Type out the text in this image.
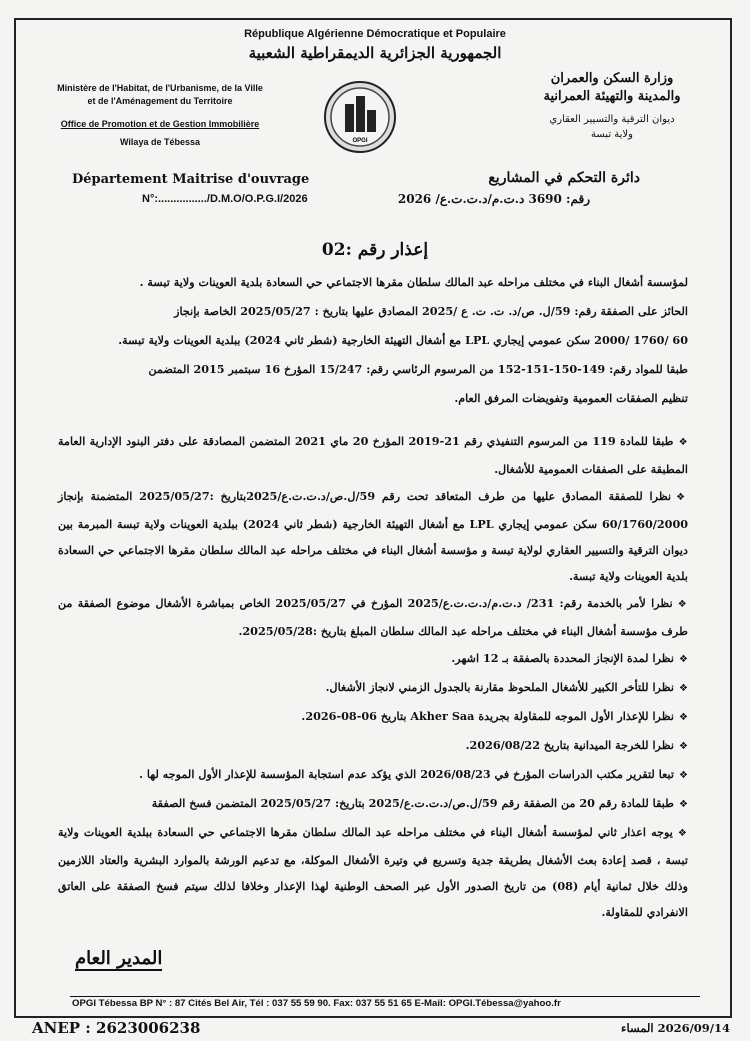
République Algérienne Démocratique et Populaire
الجمهورية الجزائرية الديمقراطية الشعبية
Ministère de l'Habitat, de l'Urbanisme, de la Ville
et de l'Aménagement du Territoire
Office de Promotion et de Gestion Immobilière
Wilaya de Tébessa	OPGI
وزارة السكن والعمران
والمدينة والتهيئة العمرانية
ديوان الترقية والتسيير العقاري
ولاية تبسة
Département Maitrise d'ouvrage	دائرة التحكم في المشاريع
N°:................/D.M.O/O.P.G.I/2026	رقم: 3690 د.ت.م/د.ت.ت.ع/ 2026
إعذار رقم :02

لمؤسسة أشغال البناء في مختلف مراحله عبد المالك سلطان مقرها الاجتماعي حي السعادة بلدية العوينات ولاية تبسة .

الحائز على الصفقة رقم: 59/ل. ص/د. ت. ت. ع /2025 المصادق عليها بتاريخ : 2025/05/27 الخاصة بإنجاز

60 /1760 /2000 سكن عمومي إيجاري LPL مع أشغال التهيئة الخارجية (شطر ثاني 2024) ببلدية العوينات ولاية تبسة.

طبقا للمواد رقم: 149-150-151-152 من المرسوم الرئاسي رقم: 15/247 المؤرخ 16 سبتمبر 2015 المتضمن

تنظيم الصفقات العمومية وتفويضات المرفق العام.

❖طبقا للمادة 119 من المرسوم التنفيذي رقم 21-2019 المؤرخ 20 ماي 2021 المتضمن المصادقة على دفتر البنود الإدارية العامة المطبقة على الصفقات العمومية للأشغال.

❖نظرا للصفقة المصادق عليها من طرف المتعاقد تحت رقم 59/ل.ص/د.ت.ت.ع/2025بتاريخ :2025/05/27 المتضمنة بإنجاز 60/1760/2000 سكن عمومي إيجاري LPL مع أشغال التهيئة الخارجية (شطر ثاني 2024) ببلدية العوينات ولاية تبسة المبرمة بين ديوان الترقية والتسيير العقاري لولاية تبسة و مؤسسة أشغال البناء في مختلف مراحله عبد المالك سلطان مقرها الاجتماعي حي السعادة بلدية العوينات ولاية تبسة.

❖نظرا لأمر بالخدمة رقم: 231/ د.ت.م/د.ت.ت.ع/2025 المؤرخ في 2025/05/27 الخاص بمباشرة الأشغال موضوع الصفقة من طرف مؤسسة أشغال البناء في مختلف مراحله عبد المالك سلطان المبلغ بتاريخ :2025/05/28.

❖نظرا لمدة الإنجاز المحددة بالصفقة بـ 12 اشهر.

❖نظرا للتأخر الكبير للأشغال الملحوظ مقارنة بالجدول الزمني لانجاز الأشغال.

❖نظرا للإعذار الأول الموجه للمقاولة بجريدة Akher Saa بتاريخ 06-08-2026.

❖نظرا للخرجة الميدانية بتاريخ 2026/08/22.

❖تبعا لتقرير مكتب الدراسات المؤرخ في 2026/08/23 الذي يؤكد عدم استجابة المؤسسة للإعذار الأول الموجه لها .

❖طبقا للمادة رقم 20 من الصفقة رقم 59/ل.ص/د.ت.ت.ع/2025 بتاريخ: 2025/05/27 المتضمن فسخ الصفقة

❖يوجه اعذار ثاني لمؤسسة أشغال البناء في مختلف مراحله عبد المالك سلطان مقرها الاجتماعي حي السعادة ببلدية العوينات ولاية تبسة ، قصد إعادة بعث الأشغال بطريقة جدية وتسريع في وتيرة الأشغال الموكلة، مع تدعيم الورشة بالموارد البشرية والعتاد اللازمين وذلك خلال ثمانية أيام (08) من تاريخ الصدور الأول عبر الصحف الوطنية لهذا الإعذار وخلافا لذلك سيتم فسخ الصفقة على العاتق الانفرادي للمقاولة.

المدير العام
OPGI Tébessa BP N° : 87 Cités Bel Air, Tél : 037 55 59 90. Fax: 037 55 51 65 E-Mail: OPGI.Tébessa@yahoo.fr
ANEP : 2623006238	2026/09/14 المساء
